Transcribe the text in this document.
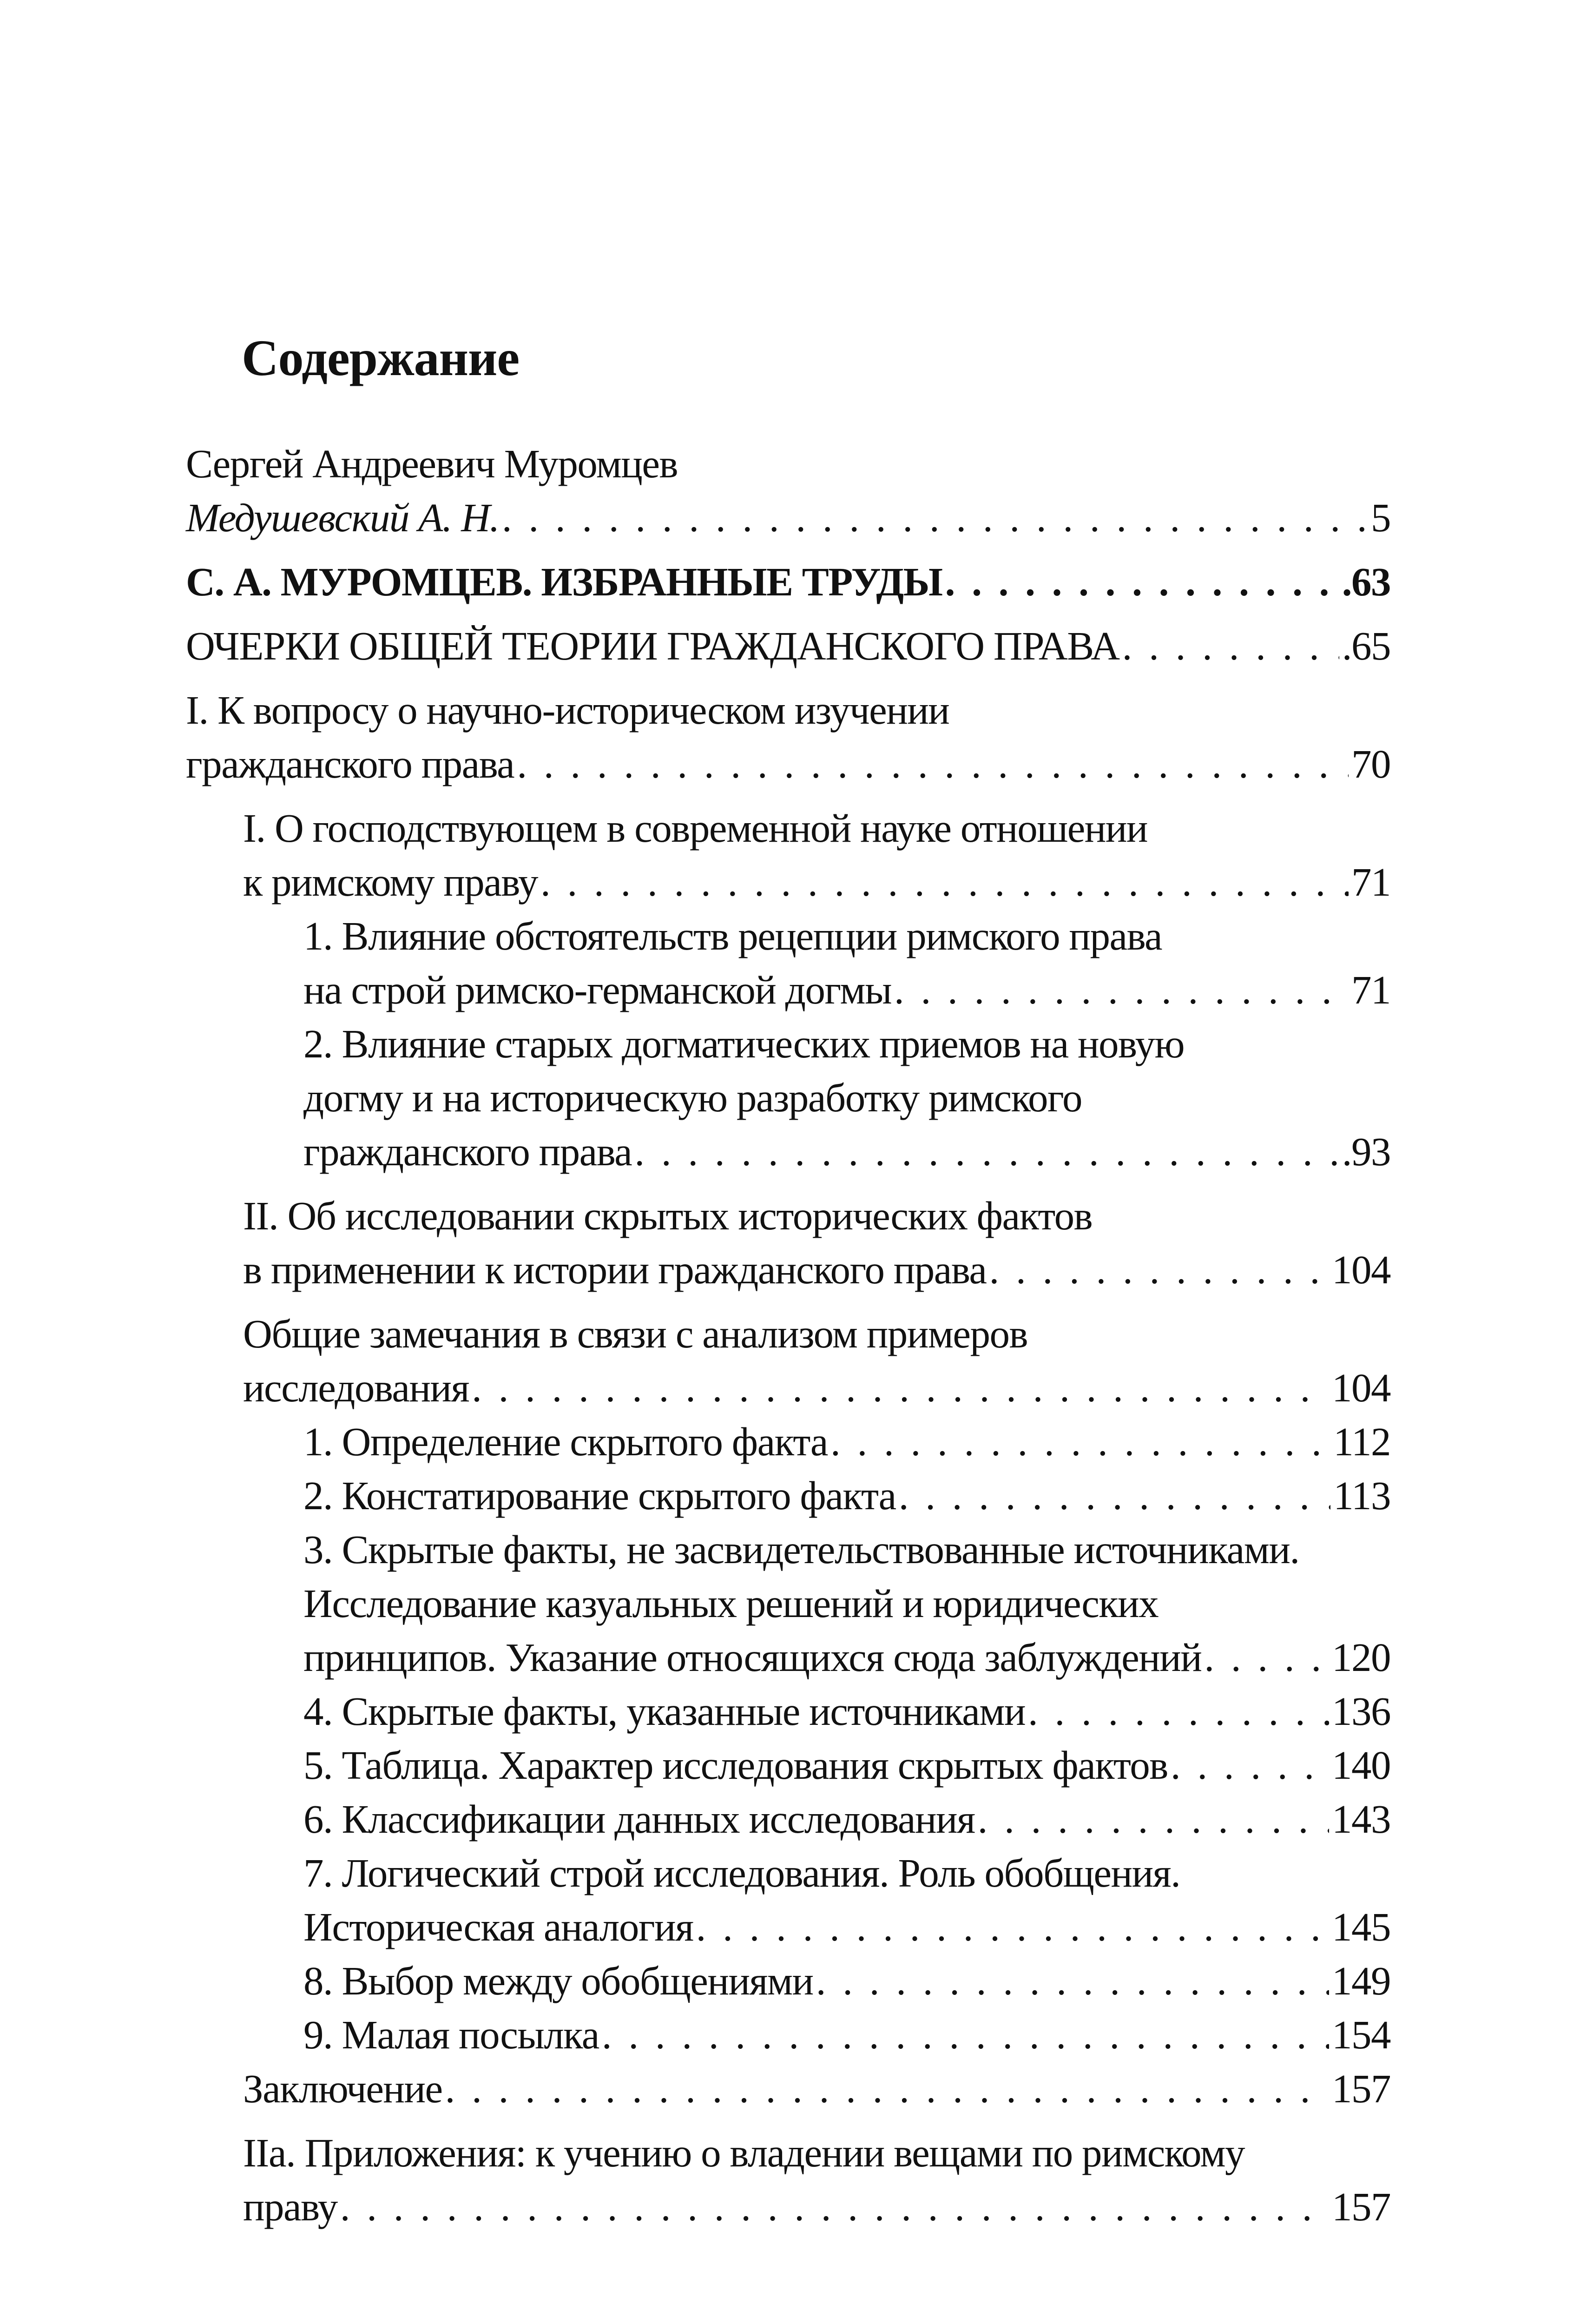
Содержание
Сергей Андреевич Муромцев
Медушевский А. Н. . . .	5
С. А. МУРОМЦЕВ. ИЗБРАННЫЕ ТРУДЫ . . .	.63
ОЧЕРКИ ОБЩЕЙ ТЕОРИИ ГРАЖДАНСКОГО ПРАВА . . .	.65
I. К вопросу о научно-историческом изучении
гражданского права . . .	70
I. О господствующем в современной науке отношении
к римскому праву . . .	71
1. Влияние обстоятельств рецепции римского права
на строй римско-германской догмы . . .	71
2. Влияние старых догматических приемов на новую
догму и на историческую разработку римского
гражданского права . . .	.93
II. Об исследовании скрытых исторических фактов
в применении к истории гражданского права . . .	104
Общие замечания в связи с анализом примеров
исследования . . .	104
1. Определение скрытого факта . . .	112
2. Констатирование скрытого факта . . .	113
3. Скрытые факты, не засвидетельствованные источниками.
Исследование казуальных решений и юридических
принципов. Указание относящихся сюда заблуждений . . .	120
4. Скрытые факты, указанные источниками . . .	136
5. Таблица. Характер исследования скрытых фактов . . .	140
6. Классификации данных исследования . . .	143
7. Логический строй исследования. Роль обобщения.
Историческая аналогия . . .	145
8. Выбор между обобщениями . . .	149
9. Малая посылка . . .	154
Заключение . . .	157
IIа. Приложения: к учению о владении вещами по римскому
праву . . .	157
